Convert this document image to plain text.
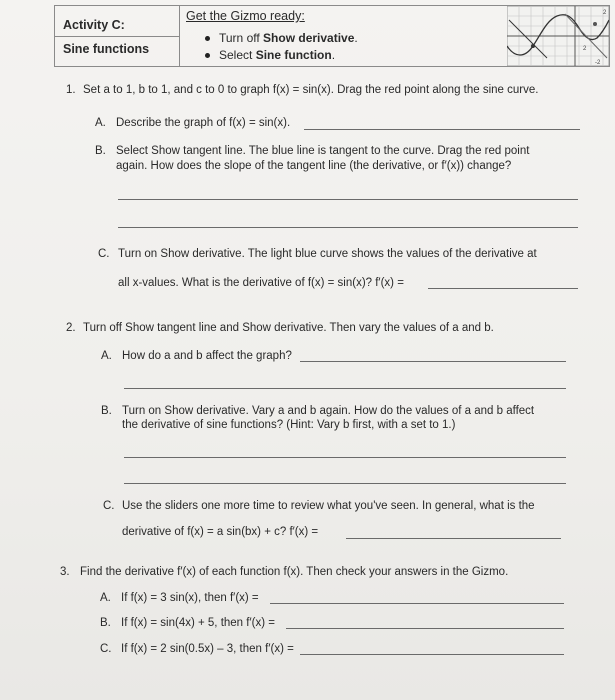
Activity C:
Sine functions
Get the Gizmo ready:
Turn off Show derivative.
Select Sine function.
2
2
-2
1. Set a to 1, b to 1, and c to 0 to graph f(x) = sin(x). Drag the red point along the sine curve.
A. Describe the graph of f(x) = sin(x).
B. Select Show tangent line. The blue line is tangent to the curve. Drag the red point
again. How does the slope of the tangent line (the derivative, or f′(x)) change?
C. Turn on Show derivative. The light blue curve shows the values of the derivative at
all x-values. What is the derivative of f(x) = sin(x)? f′(x) =
2. Turn off Show tangent line and Show derivative. Then vary the values of a and b.
A. How do a and b affect the graph?
B. Turn on Show derivative. Vary a and b again. How do the values of a and b affect
the derivative of sine functions? (Hint: Vary b first, with a set to 1.)
C. Use the sliders one more time to review what you've seen. In general, what is the
derivative of f(x) = a sin(bx) + c? f′(x) =
3. Find the derivative f′(x) of each function f(x). Then check your answers in the Gizmo.
A. If f(x) = 3 sin(x), then f′(x) =
B. If f(x) = sin(4x) + 5, then f′(x) =
C. If f(x) = 2 sin(0.5x) – 3, then f′(x) =
